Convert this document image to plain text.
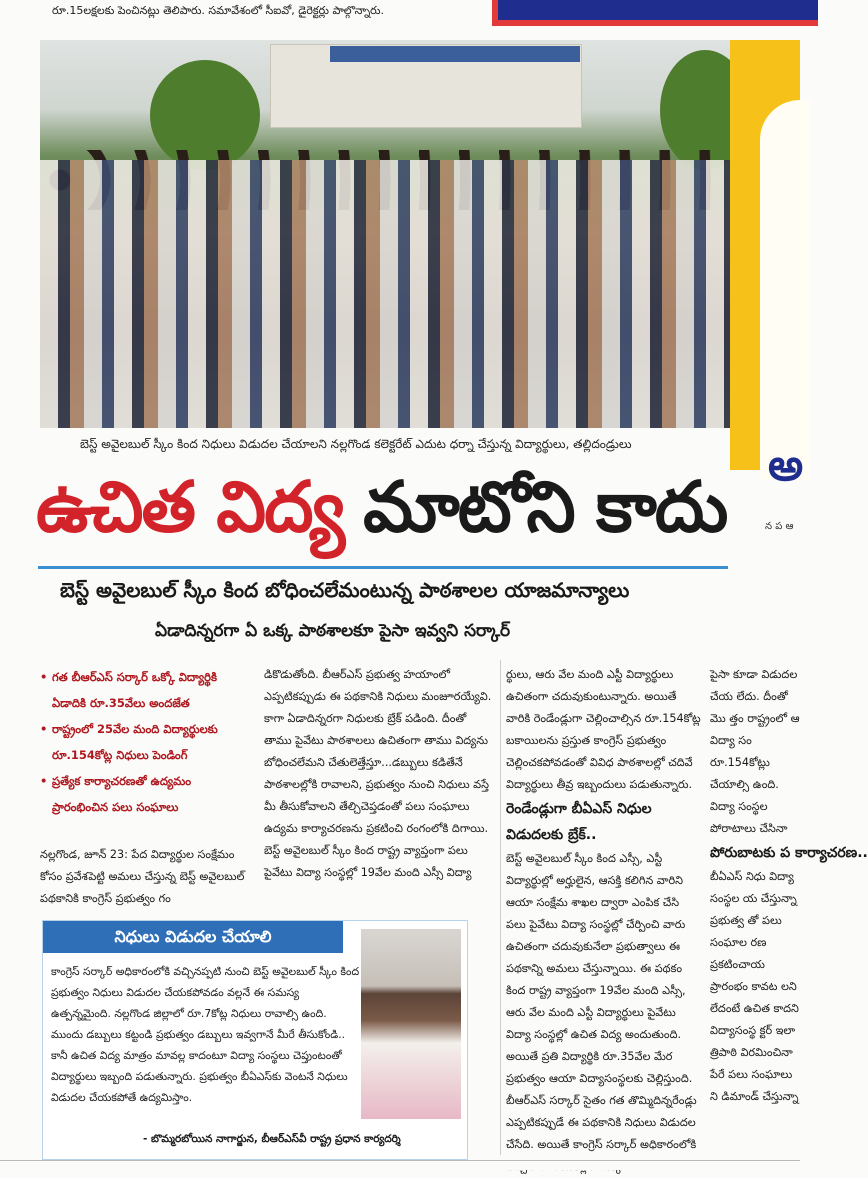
రూ.15లక్షలకు పెంచినట్లు తెలిపారు. సమావేశంలో సీఐవో, డైరెక్టర్లు పాల్గొన్నారు.
అ
న ప ఆ
బెస్ట్ అవైలబుల్ స్కీం కింద నిధులు విడుదల చేయాలని నల్లగొండ కలెక్టరేట్ ఎదుట ధర్నా చేస్తున్న విద్యార్థులు, తల్లిదండ్రులు
ఉచిత విద్య మాటోని కాదు
బెస్ట్ అవైలబుల్ స్కీం కింద బోధించలేమంటున్న పాఠశాలల యాజమాన్యాలు
ఏడాదిన్నరగా ఏ ఒక్క పాఠశాలకూ పైసా ఇవ్వని సర్కార్
• గత బీఆర్ఎస్ సర్కార్ ఒక్కో విద్యార్థికి ఏడాదికి రూ.35వేలు అందజేత
• రాష్ట్రంలో 25వేల మంది విద్యార్థులకు రూ.154కోట్ల నిధులు పెండింగ్
• ప్రత్యేక కార్యాచరణతో ఉద్యమం ప్రారంభించిన పలు సంఘాలు
నల్లగొండ, జూన్ 23: పేద విద్యార్థుల సంక్షేమం కోసం ప్రవేశపెట్టి అమలు చేస్తున్న బెస్ట్ అవైలబుల్ పథకానికి కాంగ్రెస్ ప్రభుత్వం గం
డికొడుతోంది. బీఆర్ఎస్ ప్రభుత్వ హయాంలో ఎప్పటికప్పుడు ఈ పథకానికి నిధులు మంజూరయ్యేవి. కాగా ఏడాదిన్నరగా నిధులకు బ్రేక్ పడింది. దీంతో తాము పైవేటు పాఠశాలలు ఉచితంగా తాము విద్యను బోధించలేమని చేతులెత్తేస్తూ...డబ్బులు కడితేనే పాఠశాలల్లోకి రావాలని, ప్రభుత్వం నుంచి నిధులు వస్తే మీ తీసుకోవాలని తేల్చిచెప్తడంతో పలు సంఘాలు ఉద్యమ కార్యాచరణను ప్రకటించి రంగంలోకి దిగాయి. బెస్ట్ అవైలబుల్ స్కీం కింద రాష్ట్ర వ్యాప్తంగా పలు పైవేటు విద్యా సంస్థల్లో 19వేల మంది ఎస్సీ విద్యా
ర్థులు, ఆరు వేల మంది ఎస్టీ విద్యార్థులు ఉచితంగా చదువుకుంటున్నారు. అయితే వారికి రెండేండ్లుగా చెల్లించాల్సిన రూ.154కోట్ల బకాయిలను ప్రస్తుత కాంగ్రెస్ ప్రభుత్వం చెల్లించకపోవడంతో వివిధ పాఠశాలల్లో చదివే విద్యార్థులు తీవ్ర ఇబ్బందులు పడుతున్నారు.
రెండేండ్లుగా బీఏఎస్ నిధుల విడుదలకు బ్రేక్..
బెస్ట్ అవైలబుల్ స్కీం కింద ఎస్సీ, ఎస్టీ విద్యార్థుల్లో అర్హులైన, ఆసక్తి కలిగిన వారిని ఆయా సంక్షేమ శాఖల ద్వారా ఎంపిక చేసి పలు పైవేటు విద్యా సంస్థల్లో చేర్పించి వారు ఉచితంగా చదువుకునేలా ప్రభుత్వాలు ఈ పథకాన్ని అమలు చేస్తున్నాయి. ఈ పథకం కింద రాష్ట్ర వ్యాప్తంగా 19వేల మంది ఎస్సీ, ఆరు వేల మంది ఎస్టీ విద్యార్థులు పైవేటు విద్యా సంస్థల్లో ఉచిత విద్య అందుతుంది. అయితే ప్రతి విద్యార్థికి రూ.35వేల మేర ప్రభుత్వం ఆయా విద్యాసంస్థలకు చెల్లిస్తుంది. బీఆర్ఎస్ సర్కార్ సైతం గత తొమ్మిదిన్నరేండ్లు ఎప్పటికప్పుడే ఈ పథకానికి నిధులు విడుదల చేసేది. అయితే కాంగ్రెస్ సర్కార్ అధికారంలోకి
పైసా కూడా విడుదల చేయ లేదు. దీంతో మొ త్తం రాష్ట్రంలో ఆ విద్యా సం రూ.154కోట్లు చేయాల్సి ఉంది. విద్యా సంస్థల పోరాటాలు చేసినా
పోరుబాటకు ప కార్యాచరణ..
బీఏఎస్ నిధు విద్యా సంస్థల య చేస్తున్నా ప్రభుత్వ తో పలు సంఘాల రణ ప్రకటించాయ ప్రారంభం కావట లని లేదంటే ఉచిత కాదని విద్యాసంస్థ క్టర్ ఇలా త్రిపాఠి విరమించినా పేరే పలు సంఘాలు ని డిమాండ్ చేస్తున్నా
నిధులు విడుదల చేయాలి
కాంగ్రెస్ సర్కార్ అధికారంలోకి వచ్చినప్పటి నుంచి బెస్ట్ అవైలబుల్ స్కీం కింద ప్రభుత్వం నిధులు విడుదల చేయకపోవడం వల్లనే ఈ సమస్య ఉత్పన్నమైంది. నల్లగొండ జిల్లాలో రూ.7కోట్ల నిధులు రావాల్సి ఉంది. ముందు డబ్బులు కట్టండి ప్రభుత్వం డబ్బులు ఇవ్వగానే మీరే తీసుకోండి.. కానీ ఉచిత విద్య మాత్రం మావల్ల కాదంటూ విద్యా సంస్థలు చెప్తుంటంతో విద్యార్థులు ఇబ్బంది పడుతున్నారు. ప్రభుత్వం బీఏఎస్‌కు వెంటనే నిధులు విడుదల చేయకపోతే ఉద్యమిస్తాం.
- బొమ్మరబోయిన నాగార్జున, బీఆర్ఎస్‌వీ రాష్ట్ర ప్రధాన కార్యదర్శి
